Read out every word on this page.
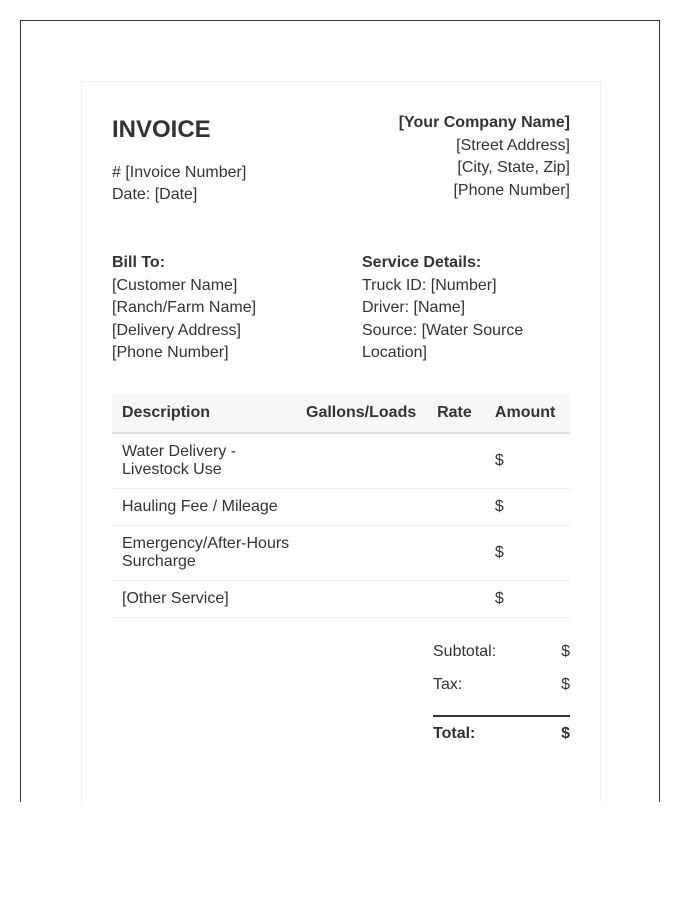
INVOICE
# [Invoice Number]
Date: [Date]
[Your Company Name]
[Street Address]
[City, State, Zip]
[Phone Number]
Bill To:
[Customer Name]
[Ranch/Farm Name]
[Delivery Address]
[Phone Number]
Service Details:
Truck ID: [Number]
Driver: [Name]
Source: [Water Source Location]
Description	Gallons/Loads	Rate	Amount
Water Delivery - Livestock Use			$
Hauling Fee / Mileage			$
Emergency/After-Hours Surcharge			$
[Other Service]			$
Subtotal:	$
Tax:	$
Total:	$
